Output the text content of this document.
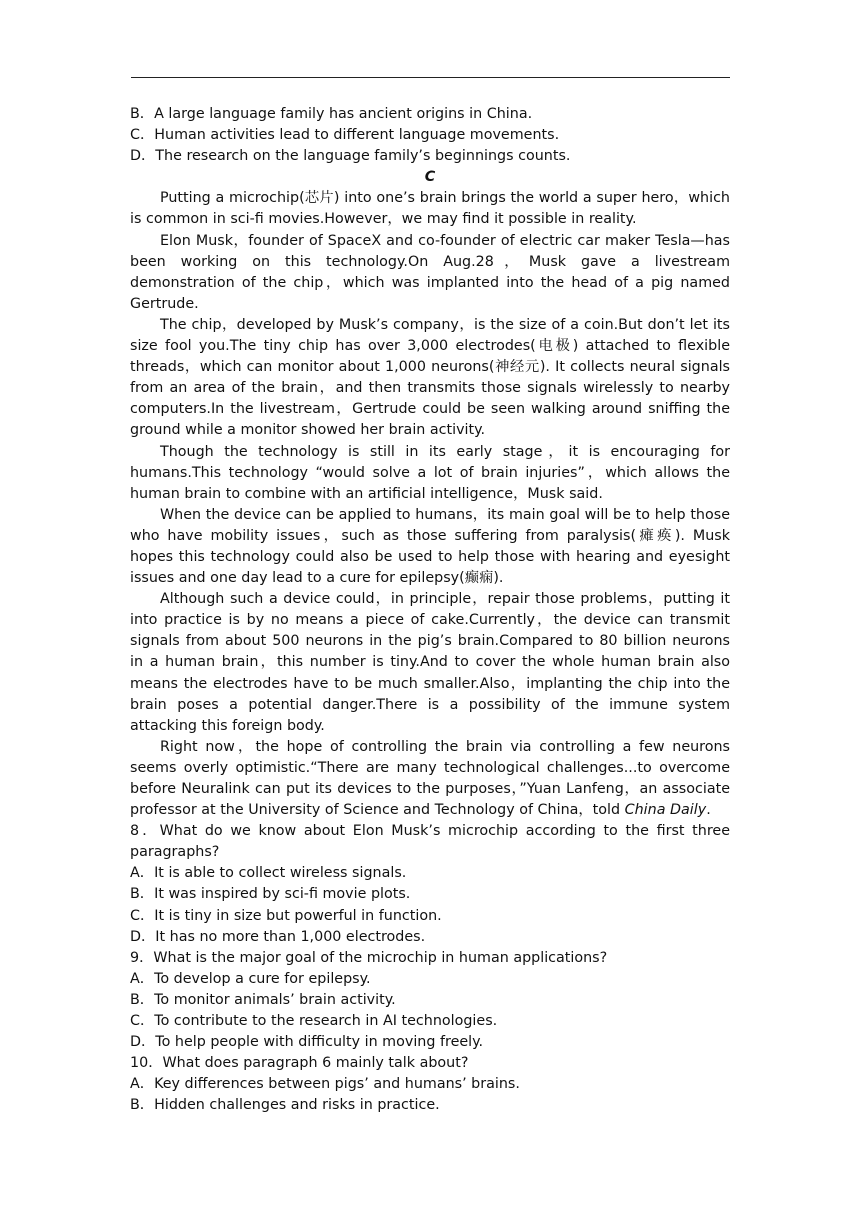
B．A large language family has ancient origins in China.

C．Human activities lead to different language movements.

D．The research on the language family’s beginnings counts.

C

Putting a microchip(芯片) into one’s brain brings the world a super hero，which is common in sci-fi movies.However，we may find it possible in reality.

Elon Musk，founder of SpaceX and co-founder of electric car maker Tesla—has been working on this technology.On Aug.28，Musk gave a livestream demonstration of the chip，which was implanted into the head of a pig named Gertrude.

The chip，developed by Musk’s company，is the size of a coin.But don’t let its size fool you.The tiny chip has over 3,000 electrodes(电极) attached to flexible threads，which can monitor about 1,000 neurons(神经元). It collects neural signals from an area of the brain，and then transmits those signals wirelessly to nearby computers.In the livestream，Gertrude could be seen walking around sniffing the ground while a monitor showed her brain activity.

Though the technology is still in its early stage，it is encouraging for humans.This technology “would solve a lot of brain injuries”，which allows the human brain to combine with an artificial intelligence，Musk said.

When the device can be applied to humans，its main goal will be to help those who have mobility issues，such as those suffering from paralysis(瘫痪). Musk hopes this technology could also be used to help those with hearing and eyesight issues and one day lead to a cure for epilepsy(癫痫).

Although such a device could，in principle，repair those problems，putting it into practice is by no means a piece of cake.Currently，the device can transmit signals from about 500 neurons in the pig’s brain.Compared to 80 billion neurons in a human brain，this number is tiny.And to cover the whole human brain also means the electrodes have to be much smaller.Also，implanting the chip into the brain poses a potential danger.There is a possibility of the immune system attacking this foreign body.

Right now，the hope of controlling the brain via controlling a few neurons seems overly optimistic.“There are many technological challenges...to overcome before Neuralink can put its devices to the purposes，”Yuan Lanfeng，an associate professor at the University of Science and Technology of China，told China Daily.

8．What do we know about Elon Musk’s microchip according to the first three paragraphs?

A．It is able to collect wireless signals.

B．It was inspired by sci-fi movie plots.

C．It is tiny in size but powerful in function.

D．It has no more than 1,000 electrodes.

9．What is the major goal of the microchip in human applications?

A．To develop a cure for epilepsy.

B．To monitor animals’ brain activity.

C．To contribute to the research in AI technologies.

D．To help people with difficulty in moving freely.

10．What does paragraph 6 mainly talk about?

A．Key differences between pigs’ and humans’ brains.

B．Hidden challenges and risks in practice.
